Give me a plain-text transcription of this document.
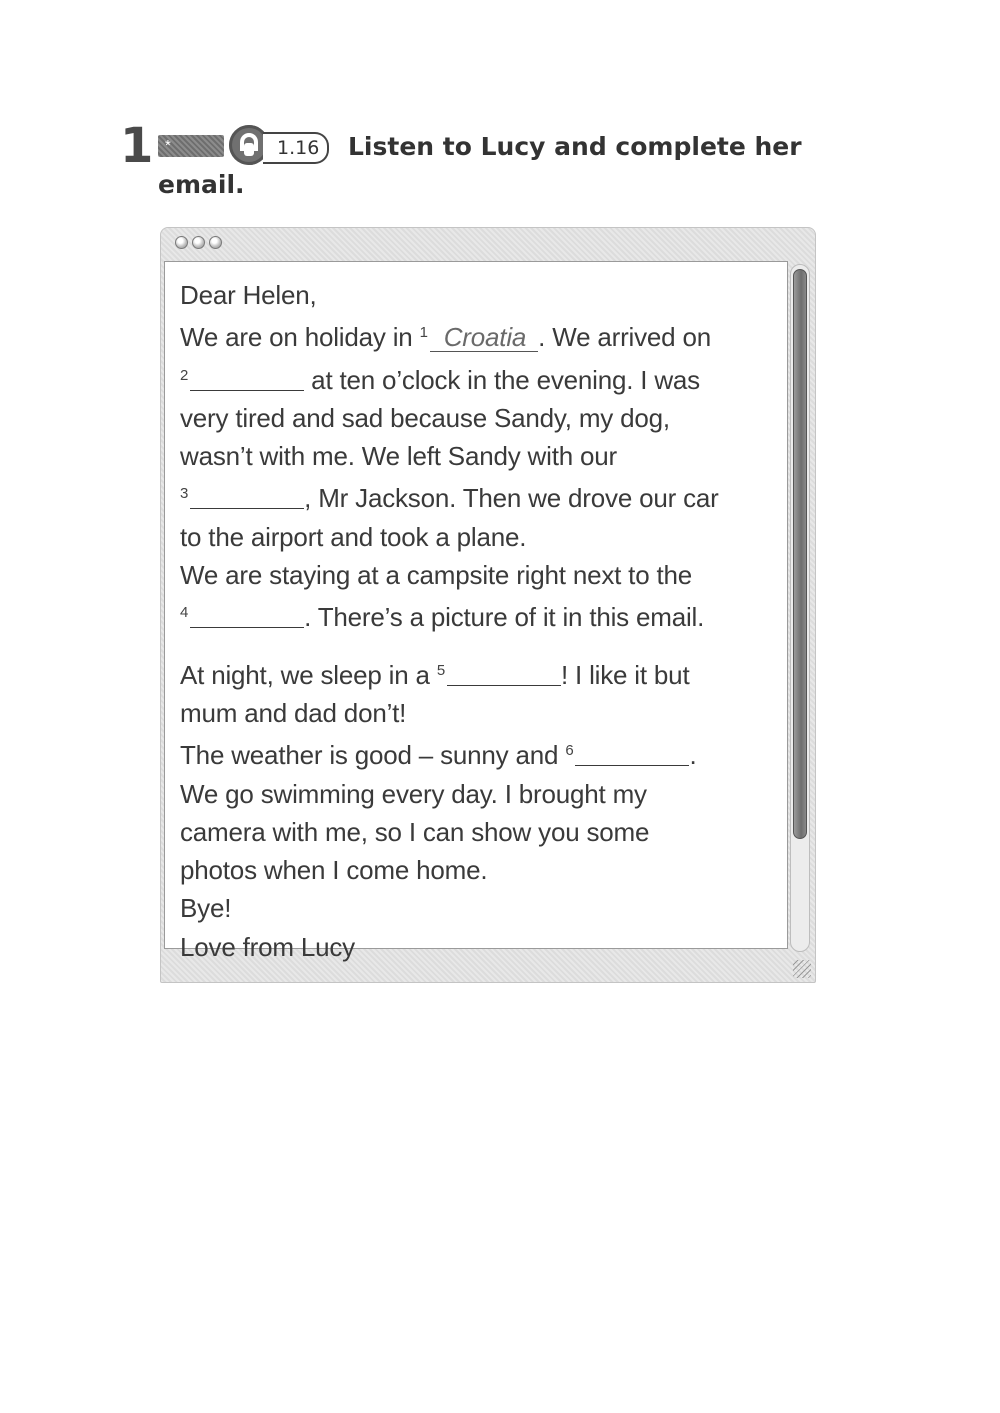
1 *	1.16	Listen to Lucy and complete her email.

Dear Helen,

We are on holiday in $^1$ Croatia . We arrived on

$^2$	at ten o’clock in the evening. I was

very tired and sad because Sandy, my dog,

wasn’t with me. We left Sandy with our

$^3$	, Mr Jackson. Then we drove our car

to the airport and took a plane.

We are staying at a campsite right next to the

$^4$	. There’s a picture of it in this email.

At night, we sleep in a $^5$	! I like it but

mum and dad don’t!

The weather is good – sunny and $^6$	.

We go swimming every day. I brought my

camera with me, so I can show you some

photos when I come home.

Bye!

Love from Lucy
